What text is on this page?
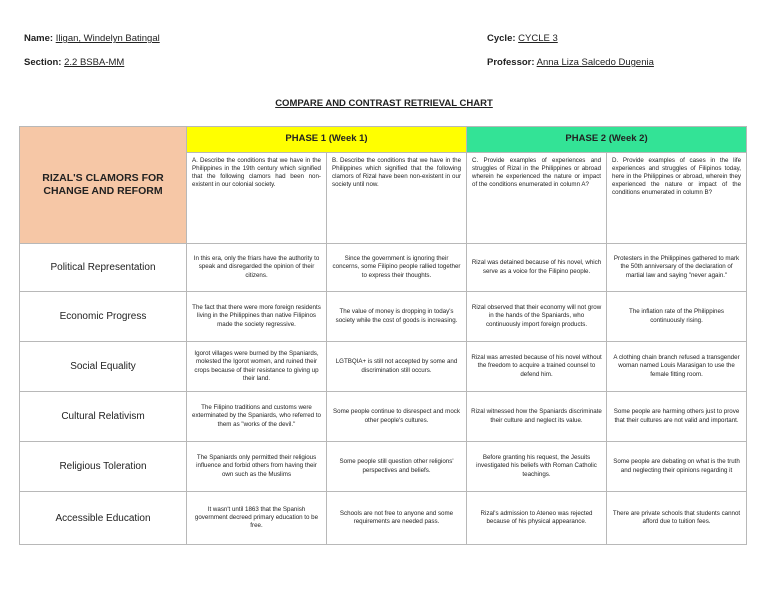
Name: Iligan, Windelyn Batingal
Section: 2.2 BSBA-MM
Cycle: CYCLE 3
Professor: Anna Liza Salcedo Dugenia
COMPARE AND CONTRAST RETRIEVAL CHART
RIZAL'S CLAMORS FOR CHANGE AND REFORM	PHASE 1 (Week 1)		PHASE 2 (Week 2)	
	A. Describe the conditions that we have in the Philippines in the 19th century which signified that the following clamors had been non-existent in our colonial society.	B. Describe the conditions that we have in the Philippines which signified that the following clamors of Rizal have been non-existent in our society until now.	C. Provide examples of experiences and struggles of Rizal in the Philippines or abroad wherein he experienced the nature or impact of the conditions enumerated in column A?	D. Provide examples of cases in the life experiences and struggles of Filipinos today, here in the Philippines or abroad, wherein they experienced the nature or impact of the conditions enumerated in column B?
Political Representation	In this era, only the friars have the authority to speak and disregarded the opinion of their citizens.	Since the government is ignoring their concerns, some Filipino people rallied together to express their thoughts.	Rizal was detained because of his novel, which serve as a voice for the Filipino people.	Protesters in the Philippines gathered to mark the 50th anniversary of the declaration of martial law and saying "never again."
Economic Progress	The fact that there were more foreign residents living in the Philippines than native Filipinos made the society regressive.	The value of money is dropping in today's society while the cost of goods is increasing.	Rizal observed that their economy will not grow in the hands of the Spaniards, who continuously import foreign products.	The inflation rate of the Philippines continuously rising.
Social Equality	Igorot villages were burned by the Spaniards, molested the Igorot women, and ruined their crops because of their resistance to giving up their land.	LGTBQIA+ is still not accepted by some and discrimination still occurs.	Rizal was arrested because of his novel without the freedom to acquire a trained counsel to defend him.	A clothing chain branch refused a transgender woman named Louis Marasigan to use the female fitting room.
Cultural Relativism	The Filipino traditions and customs were exterminated by the Spaniards, who referred to them as "works of the devil."	Some people continue to disrespect and mock other people's cultures.	Rizal witnessed how the Spaniards discriminate their culture and neglect its value.	Some people are harming others just to prove that their cultures are not valid and important.
Religious Toleration	The Spaniards only permitted their religious influence and forbid others from having their own such as the Muslims	Some people still question other religions' perspectives and beliefs.	Before granting his request, the Jesuits investigated his beliefs with Roman Catholic teachings.	Some people are debating on what is the truth and neglecting their opinions regarding it
Accessible Education	It wasn't until 1863 that the Spanish government decreed primary education to be free.	Schools are not free to anyone and some requirements are needed pass.	Rizal's admission to Ateneo was rejected because of his physical appearance.	There are private schools that students cannot afford due to tuition fees.
